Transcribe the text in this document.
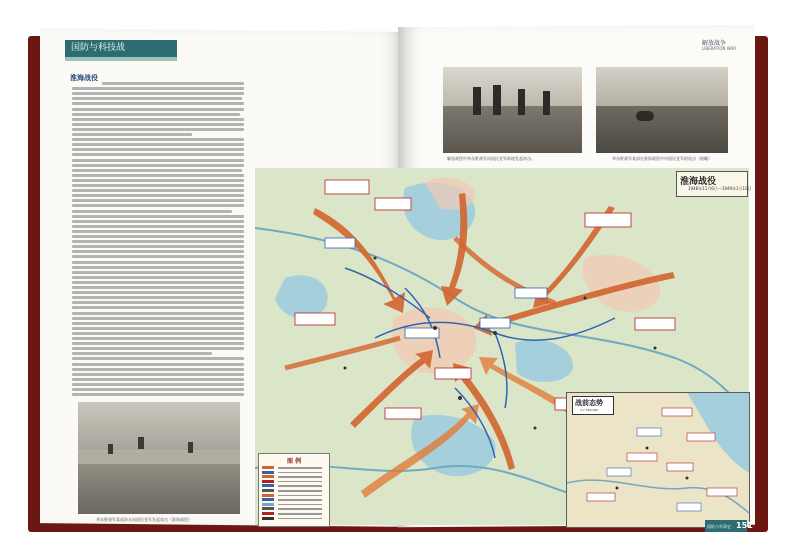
国防与科技战	解放战争
LIBERATION WAR
淮海战役
华东野战军某部涉水向国民党军发起攻击（淮海战役）
解放战役中华东野战军向国民党军阵地发起冲击。	华东野战军某部在淮海战役中对国民党军的攻击（俯瞰）
淮海战役
1948年11月6日—1949年1月10日
战前态势
1:7 500 000
图 例
国防与军事史 151
